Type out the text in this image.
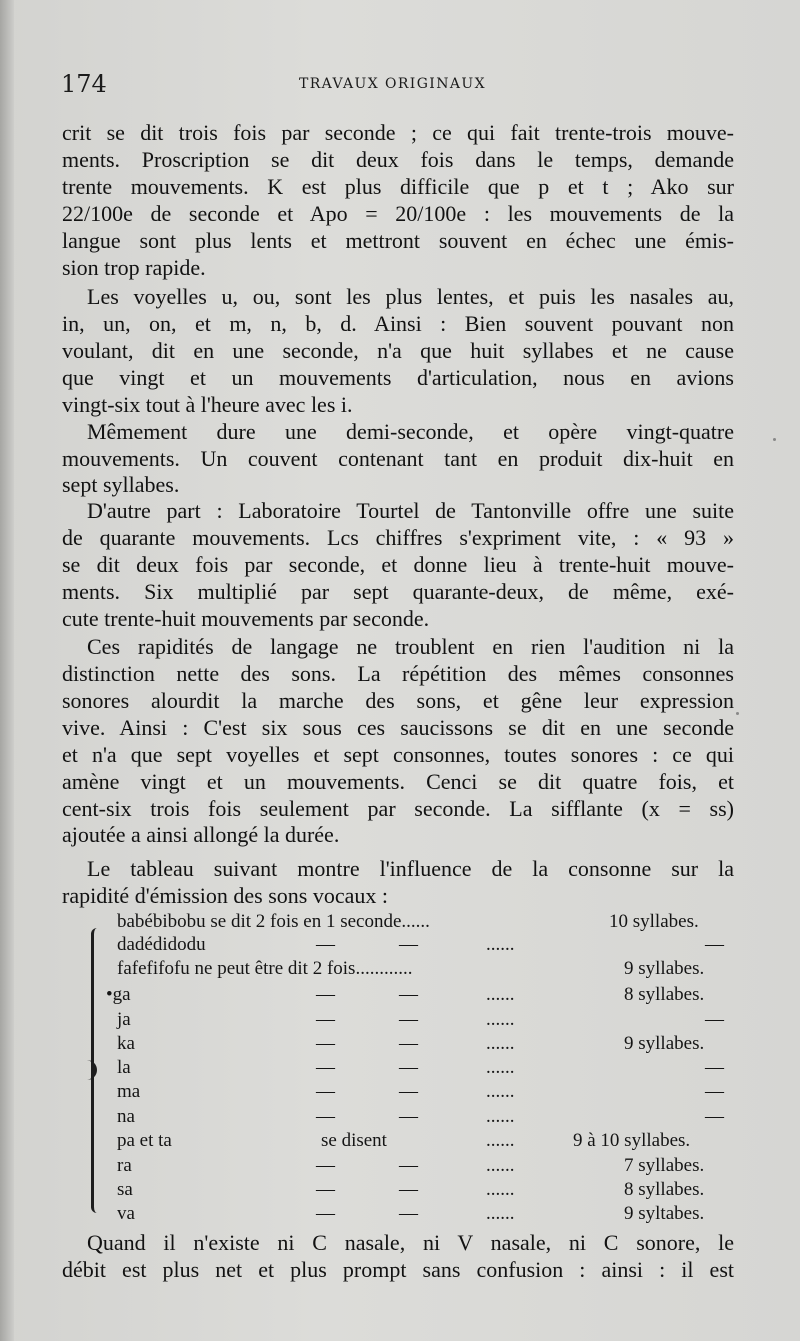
174	TRAVAUX ORIGINAUX
crit se dit trois fois par seconde ; ce qui fait trente-trois mouve-
ments. Proscription se dit deux fois dans le temps, demande
trente mouvements. K est plus difficile que p et t ; Ako sur
22/100e de seconde et Apo = 20/100e : les mouvements de la
langue sont plus lents et mettront souvent en échec une émis-
sion trop rapide.
Les voyelles u, ou, sont les plus lentes, et puis les nasales au,
in, un, on, et m, n, b, d. Ainsi : Bien souvent pouvant non
voulant, dit en une seconde, n'a que huit syllabes et ne cause
que vingt et un mouvements d'articulation, nous en avions
vingt-six tout à l'heure avec les i.
Mêmement dure une demi-seconde, et opère vingt-quatre
mouvements. Un couvent contenant tant en produit dix-huit en
sept syllabes.
D'autre part : Laboratoire Tourtel de Tantonville offre une suite
de quarante mouvements. Lcs chiffres s'expriment vite, : « 93 »
se dit deux fois par seconde, et donne lieu à trente-huit mouve-
ments. Six multiplié par sept quarante-deux, de même, exé-
cute trente-huit mouvements par seconde.
Ces rapidités de langage ne troublent en rien l'audition ni la
distinction nette des sons. La répétition des mêmes consonnes
sonores alourdit la marche des sons, et gêne leur expression
vive. Ainsi : C'est six sous ces saucissons se dit en une seconde
et n'a que sept voyelles et sept consonnes, toutes sonores : ce qui
amène vingt et un mouvements. Cenci se dit quatre fois, et
cent-six trois fois seulement par seconde. La sifflante (x = ss)
ajoutée a ainsi allongé la durée.
Le tableau suivant montre l'influence de la consonne sur la
rapidité d'émission des sons vocaux :
babébibobu se dit 2 fois en 1 seconde......	10 syllabes.
dadédidodu	—	—	......	—
fafefifofu ne peut être dit 2 fois............	9 syllabes.
•ga	—	—	......	8 syllabes.
ja	—	—	......	—
ka	—	—	......	9 syllabes.
la	—	—	......	—
ma	—	—	......	—
na	—	—	......	—
pa et ta	se disent	......	9 à 10 syllabes.
ra	—	—	......	7 syllabes.
sa	—	—	......	8 syllabes.
va	—	—	......	9 syltabes.
Quand il n'existe ni C nasale, ni V nasale, ni C sonore, le
débit est plus net et plus prompt sans confusion : ainsi : il est
